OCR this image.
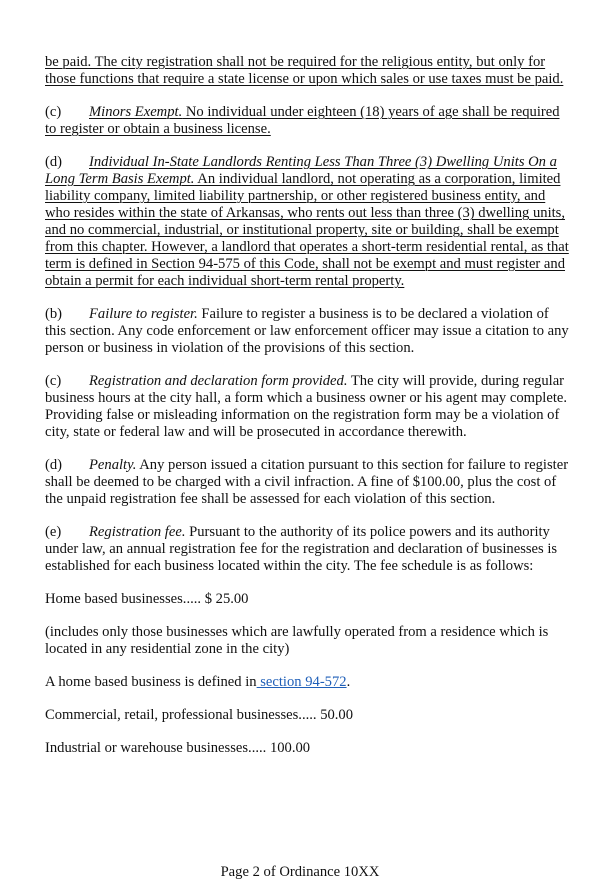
be paid. The city registration shall not be required for the religious entity, but only for those functions that require a state license or upon which sales or use taxes must be paid.

(c) Minors Exempt. No individual under eighteen (18) years of age shall be required to register or obtain a business license.

(d) Individual In-State Landlords Renting Less Than Three (3) Dwelling Units On a Long Term Basis Exempt. An individual landlord, not operating as a corporation, limited liability company, limited liability partnership, or other registered business entity, and who resides within the state of Arkansas, who rents out less than three (3) dwelling units, and no commercial, industrial, or institutional property, site or building, shall be exempt from this chapter. However, a landlord that operates a short-term residential rental, as that term is defined in Section 94-575 of this Code, shall not be exempt and must register and obtain a permit for each individual short-term rental property.

(b) Failure to register. Failure to register a business is to be declared a violation of this section. Any code enforcement or law enforcement officer may issue a citation to any person or business in violation of the provisions of this section.

(c) Registration and declaration form provided. The city will provide, during regular business hours at the city hall, a form which a business owner or his agent may complete. Providing false or misleading information on the registration form may be a violation of city, state or federal law and will be prosecuted in accordance therewith.

(d) Penalty. Any person issued a citation pursuant to this section for failure to register shall be deemed to be charged with a civil infraction. A fine of $100.00, plus the cost of the unpaid registration fee shall be assessed for each violation of this section.

(e) Registration fee. Pursuant to the authority of its police powers and its authority under law, an annual registration fee for the registration and declaration of businesses is established for each business located within the city. The fee schedule is as follows:

Home based businesses..... $ 25.00

(includes only those businesses which are lawfully operated from a residence which is located in any residential zone in the city)

A home based business is defined in section 94-572.

Commercial, retail, professional businesses..... 50.00

Industrial or warehouse businesses..... 100.00

Page 2 of Ordinance 10XX
